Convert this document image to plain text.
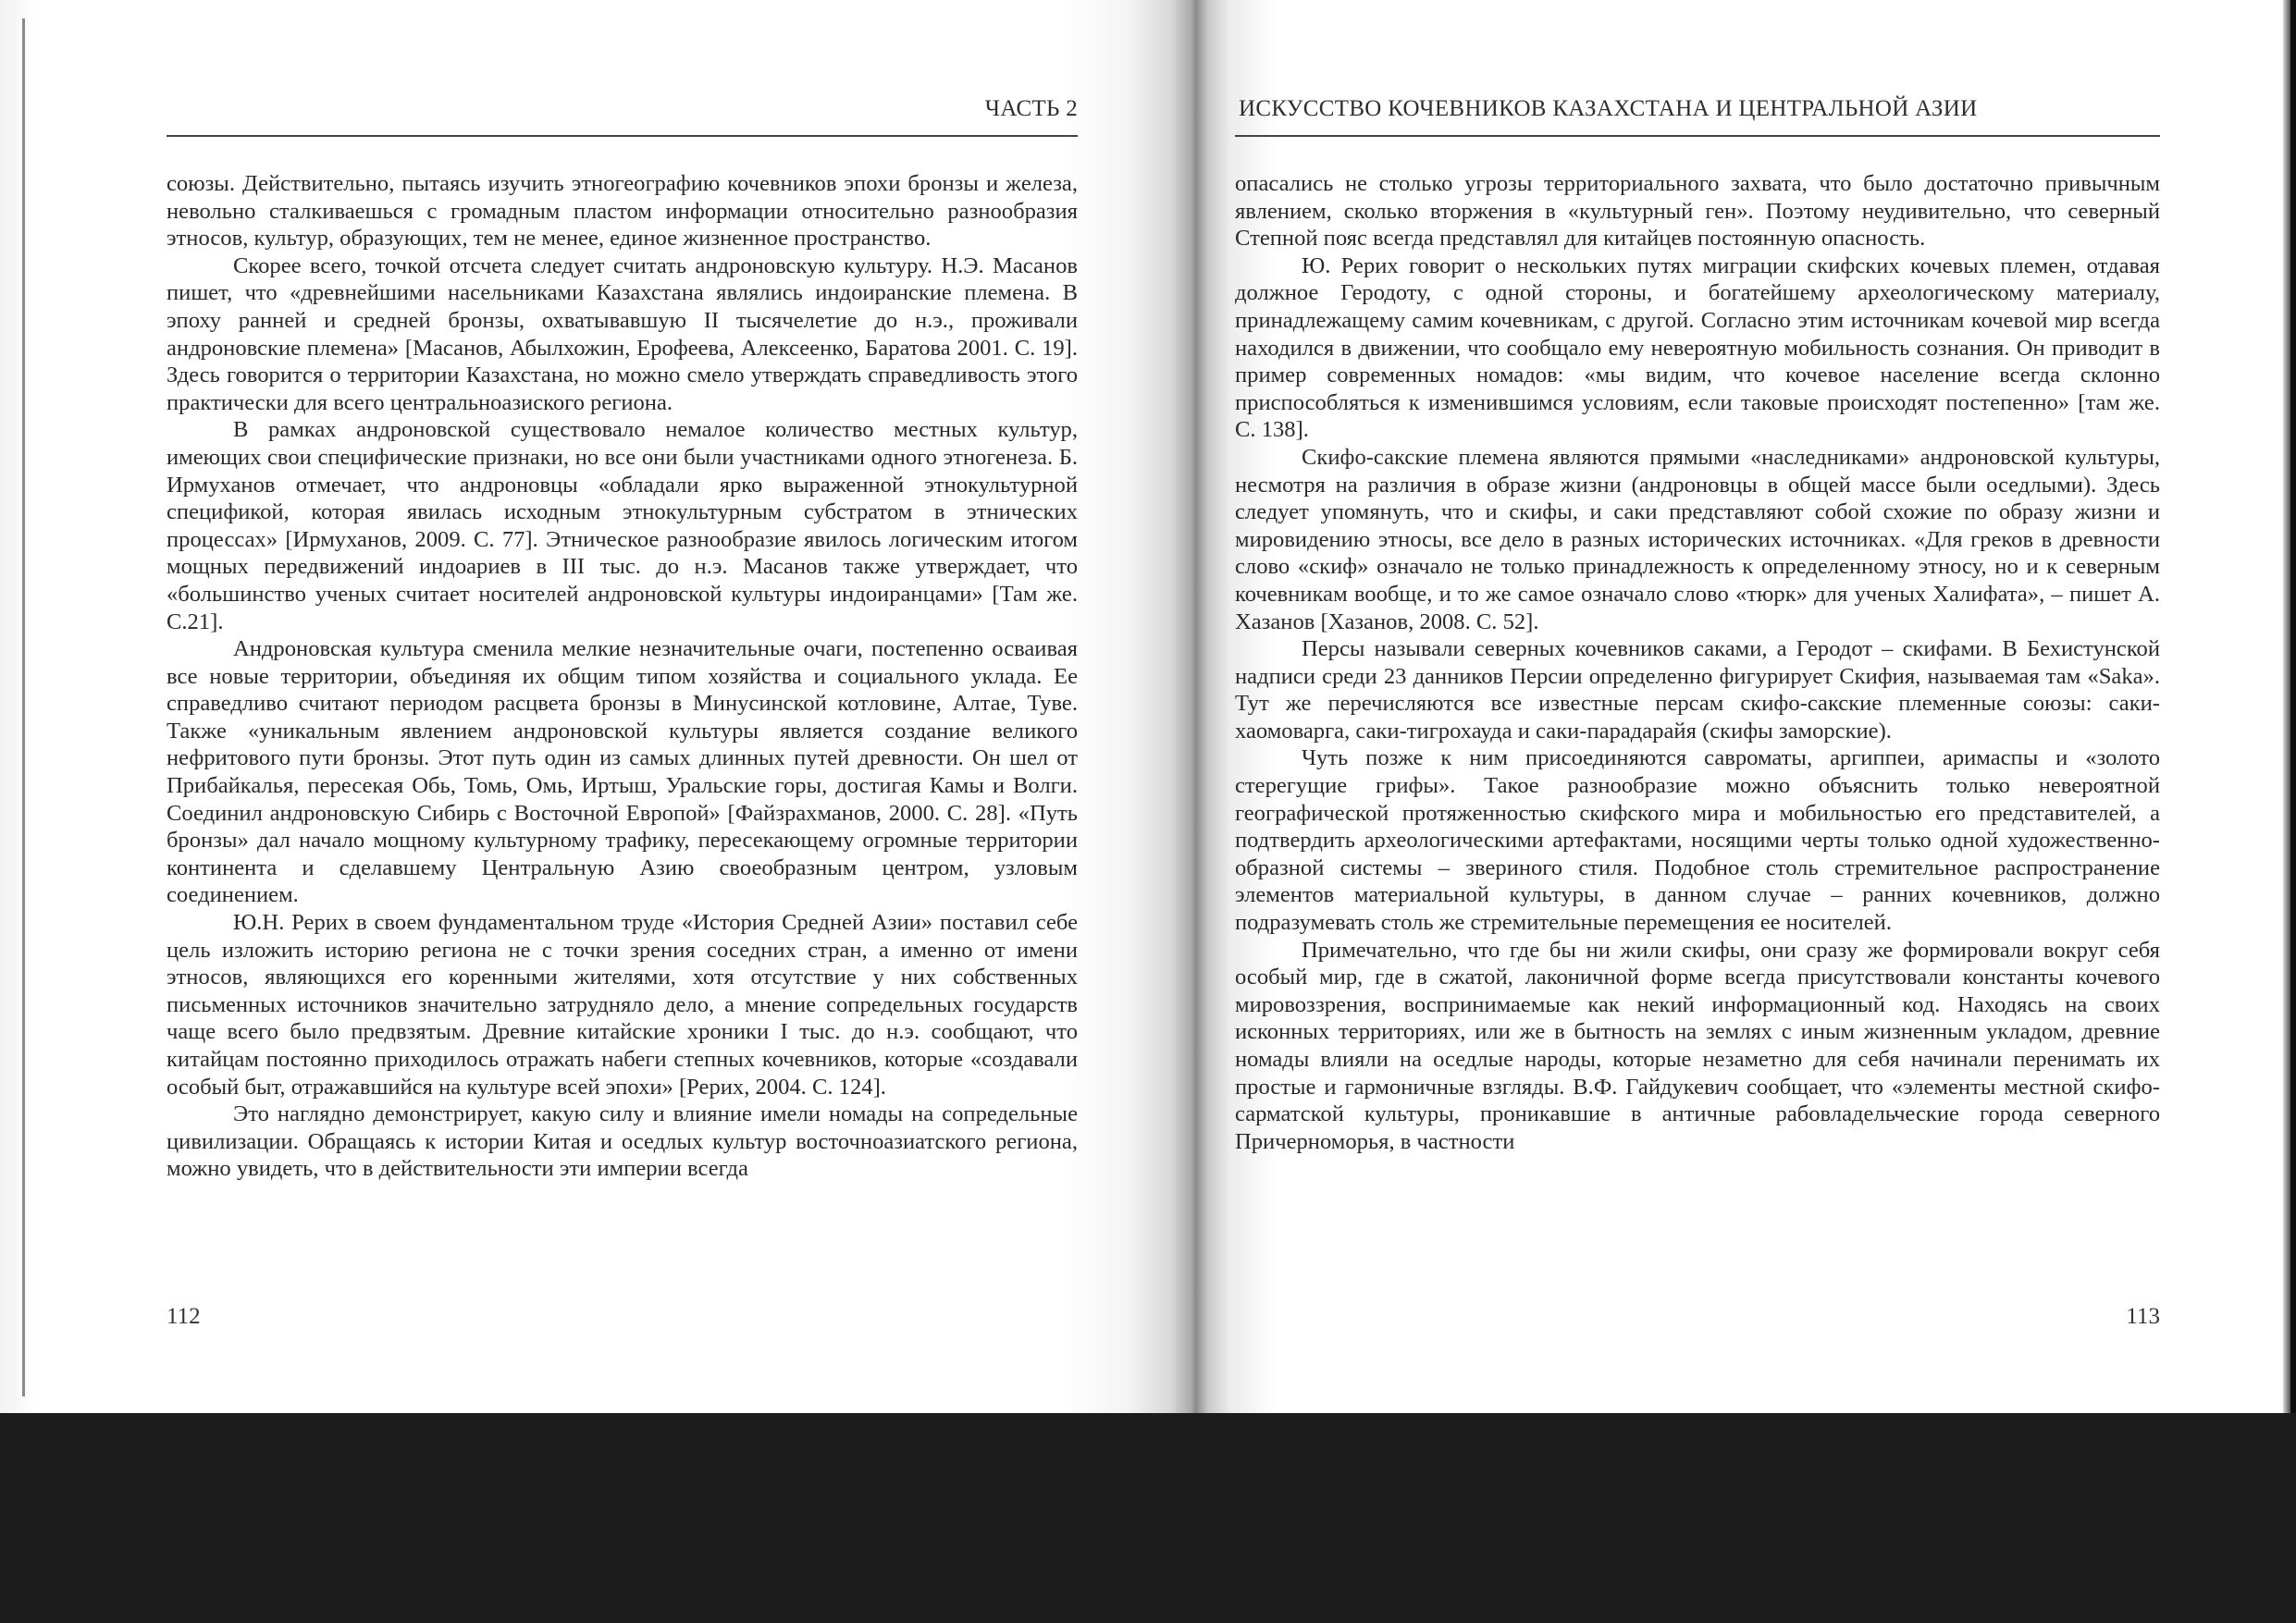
ЧАСТЬ 2

союзы. Действительно, пытаясь изучить этногеографию кочевников эпохи бронзы и железа, невольно сталкиваешься с громадным пластом информации относительно разнообразия этносов, культур, образующих, тем не менее, единое жизненное пространство.

Скорее всего, точкой отсчета следует считать андроновскую культуру. Н.Э. Масанов пишет, что «древнейшими насельниками Казахстана являлись индоиранские племена. В эпоху ранней и средней бронзы, охватывавшую II тысячелетие до н.э., проживали андроновские племена» [Масанов, Абылхожин, Ерофеева, Алексеенко, Баратова 2001. С. 19]. Здесь говорится о территории Казахстана, но можно смело утверждать справедливость этого практически для всего центральноазиского региона.

В рамках андроновской существовало немалое количество местных культур, имеющих свои специфические признаки, но все они были участниками одного этногенеза. Б. Ирмуханов отмечает, что андроновцы «обладали ярко выраженной этнокультурной спецификой, которая явилась исходным этнокультурным субстратом в этнических процессах» [Ирмуханов, 2009. С. 77]. Этническое разнообразие явилось логическим итогом мощных передвижений индоариев в III тыс. до н.э. Масанов также утверждает, что «большинство ученых считает носителей андроновской культуры индоиранцами» [Там же. С.21].

Андроновская культура сменила мелкие незначительные очаги, постепенно осваивая все новые территории, объединяя их общим типом хозяйства и социального уклада. Ее справедливо считают периодом расцвета бронзы в Минусинской котловине, Алтае, Туве. Также «уникальным явлением андроновской культуры является создание великого нефритового пути бронзы. Этот путь один из самых длинных путей древности. Он шел от Прибайкалья, пересекая Обь, Томь, Омь, Иртыш, Уральские горы, достигая Камы и Волги. Соединил андроновскую Сибирь с Восточной Европой» [Файзрахманов, 2000. С. 28]. «Путь бронзы» дал начало мощному культурному трафику, пересекающему огромные территории континента и сделавшему Центральную Азию своеобразным центром, узловым соединением.

Ю.Н. Рерих в своем фундаментальном труде «История Средней Азии» поставил себе цель изложить историю региона не с точки зрения соседних стран, а именно от имени этносов, являющихся его коренными жителями, хотя отсутствие у них собственных письменных источников значительно затрудняло дело, а мнение сопредельных государств чаще всего было предвзятым. Древние китайские хроники I тыс. до н.э. сообщают, что китайцам постоянно приходилось отражать набеги степных кочевников, которые «создавали особый быт, отражавшийся на культуре всей эпохи» [Рерих, 2004. С. 124].

Это наглядно демонстрирует, какую силу и влияние имели номады на сопредельные цивилизации. Обращаясь к истории Китая и оседлых культур восточноазиатского региона, можно увидеть, что в действительности эти империи всегда

112
ИСКУССТВО КОЧЕВНИКОВ КАЗАХСТАНА И ЦЕНТРАЛЬНОЙ АЗИИ

опасались не столько угрозы территориального захвата, что было достаточно привычным явлением, сколько вторжения в «культурный ген». Поэтому неудивительно, что северный Степной пояс всегда представлял для китайцев постоянную опасность.

Ю. Рерих говорит о нескольких путях миграции скифских кочевых племен, отдавая должное Геродоту, с одной стороны, и богатейшему археологическому материалу, принадлежащему самим кочевникам, с другой. Согласно этим источникам кочевой мир всегда находился в движении, что сообщало ему невероятную мобильность сознания. Он приводит в пример современных номадов: «мы видим, что кочевое население всегда склонно приспособляться к изменившимся условиям, если таковые происходят постепенно» [там же. С. 138].

Скифо-сакские племена являются прямыми «наследниками» андроновской культуры, несмотря на различия в образе жизни (андроновцы в общей массе были оседлыми). Здесь следует упомянуть, что и скифы, и саки представляют собой схожие по образу жизни и мировидению этносы, все дело в разных исторических источниках. «Для греков в древности слово «скиф» означало не только принадлежность к определенному этносу, но и к северным кочевникам вообще, и то же самое означало слово «тюрк» для ученых Халифата», – пишет А. Хазанов [Хазанов, 2008. С. 52].

Персы называли северных кочевников саками, а Геродот – скифами. В Бехистунской надписи среди 23 данников Персии определенно фигурирует Скифия, называемая там «Saka». Тут же перечисляются все известные персам скифо-сакские племенные союзы: саки-хаомоварга, саки-тигрохауда и саки-парадарайя (скифы заморские).

Чуть позже к ним присоединяются савроматы, аргиппеи, аримаспы и «золото стерегущие грифы». Такое разнообразие можно объяснить только невероятной географической протяженностью скифского мира и мобильностью его представителей, а подтвердить археологическими артефактами, носящими черты только одной художественно-образной системы – звериного стиля. Подобное столь стремительное распространение элементов материальной культуры, в данном случае – ранних кочевников, должно подразумевать столь же стремительные перемещения ее носителей.

Примечательно, что где бы ни жили скифы, они сразу же формировали вокруг себя особый мир, где в сжатой, лаконичной форме всегда присутствовали константы кочевого мировоззрения, воспринимаемые как некий информационный код. Находясь на своих исконных территориях, или же в бытность на землях с иным жизненным укладом, древние номады влияли на оседлые народы, которые незаметно для себя начинали перенимать их простые и гармоничные взгляды. В.Ф. Гайдукевич сообщает, что «элементы местной скифо-сарматской культуры, проникавшие в античные рабовладельческие города северного Причерноморья, в частности

113
